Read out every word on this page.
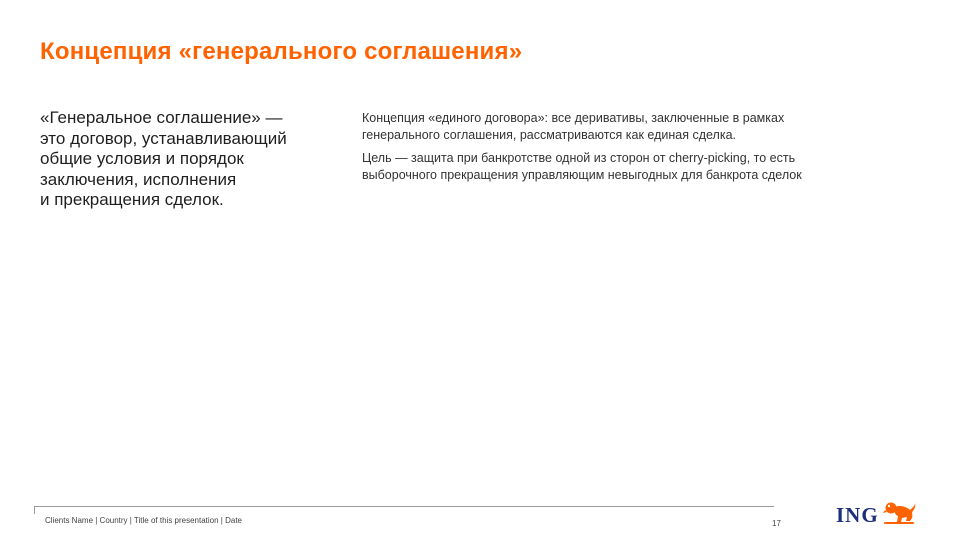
Концепция «генерального соглашения»
«Генеральное соглашение» —
это договор, устанавливающий
общие условия и порядок
заключения, исполнения
и прекращения сделок.

Концепция «единого договора»: все деривативы, заключенные в рамках
генерального соглашения, рассматриваются как единая сделка.

Цель — защита при банкротстве одной из сторон от cherry-picking, то есть
выборочного прекращения управляющим невыгодных для банкрота сделок

Clients Name | Country | Title of this presentation | Date	17	ING
